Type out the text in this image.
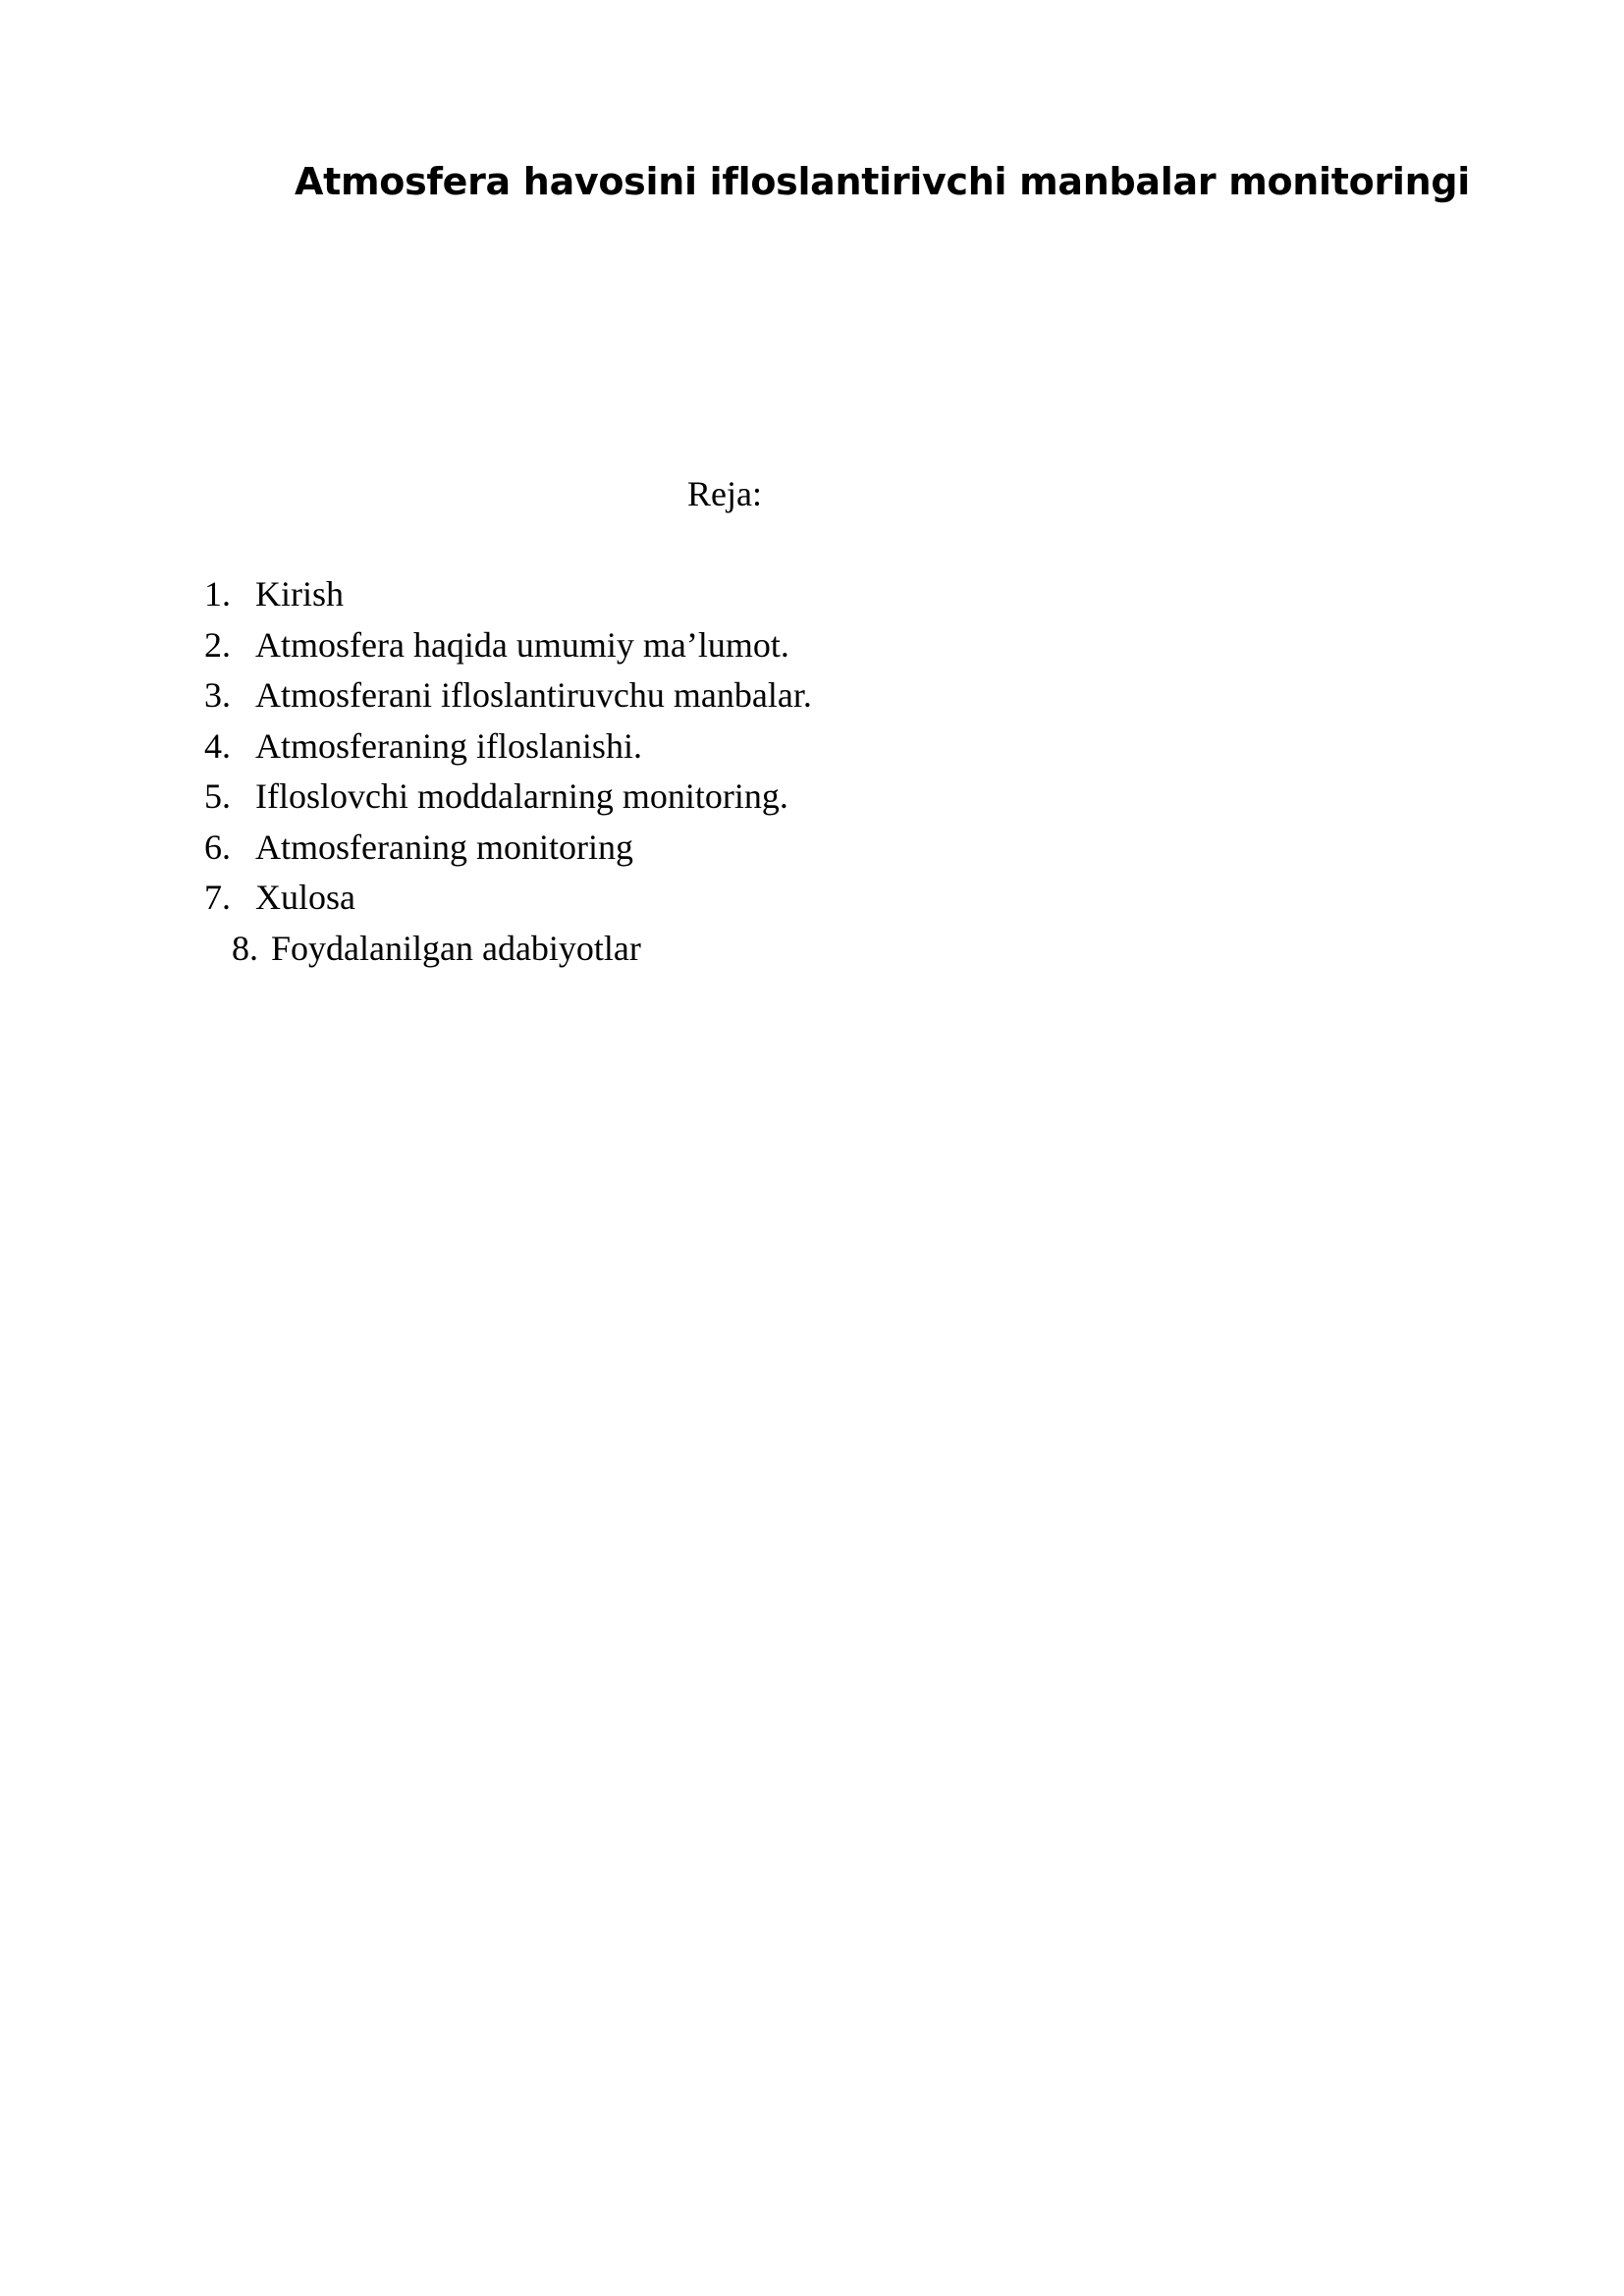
Atmosfera havosini ifloslantirivchi manbalar monitoringi
Reja:
1. Kirish
2. Atmosfera haqida umumiy ma’lumot.
3. Atmosferani ifloslantiruvchu manbalar.
4. Atmosferaning ifloslanishi.
5. Ifloslovchi moddalarning monitoring.
6. Atmosferaning monitoring
7. Xulosa
8. Foydalanilgan adabiyotlar
